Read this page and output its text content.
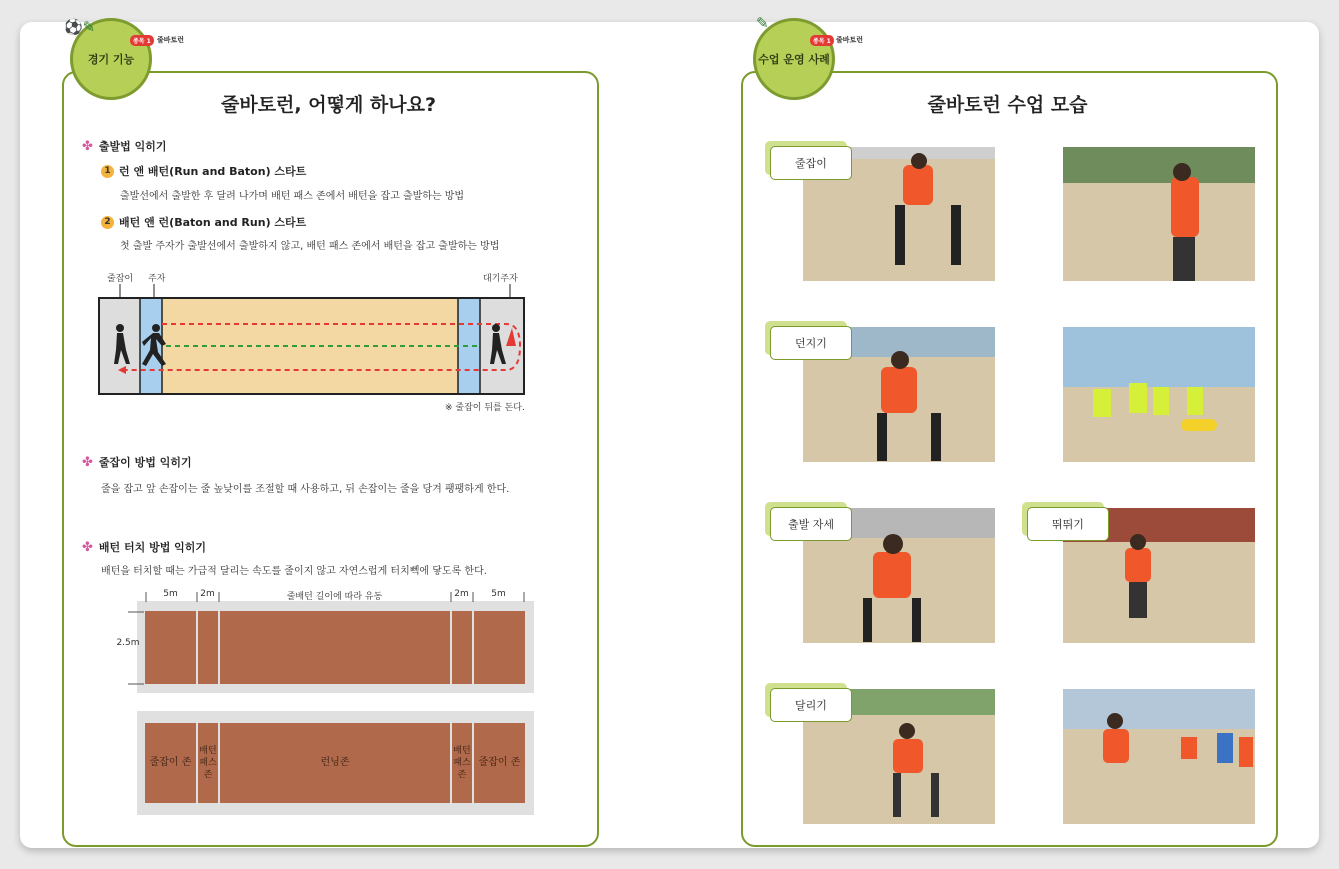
경기 기능
⚽✎
종목 1 줄바토런
줄바토런, 어떻게 하나요?
✤ 출발법 익히기
1 런 앤 배턴(Run and Baton) 스타트
출발선에서 출발한 후 달려 나가며 배턴 패스 존에서 배턴을 잡고 출발하는 방법
2 배턴 앤 런(Baton and Run) 스타트
첫 출발 주자가 출발선에서 출발하지 않고, 배턴 패스 존에서 배턴을 잡고 출발하는 방법
줄잡이 주자	대기주자
※ 줄잡이 뒤를 돈다.
✤ 줄잡이 방법 익히기
줄을 잡고 앞 손잡이는 줄 높낮이를 조절할 때 사용하고, 뒤 손잡이는 줄을 당겨 팽팽하게 한다.
✤ 배턴 터치 방법 익히기
배턴을 터치할 때는 가급적 달리는 속도를 줄이지 않고 자연스럽게 터치뻭에 닿도록 한다.
5m	2m	줄배턴 길이에 따라 유동	2m	5m
2.5m
줄잡이 존
배턴 패스 존
런닝존
배턴 패스 존
줄잡이 존
수업 운영 사례
✎
종목 1 줄바토런
줄바토런 수업 모습
줄잡이
던지기
출발 자세	뛰뛰기
달리기
